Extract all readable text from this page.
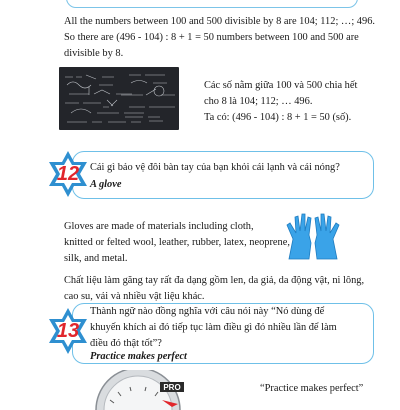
All the numbers between 100 and 500 divisible by 8 are 104; 112; …; 496.

So there are (496 - 104) : 8 + 1 = 50 numbers between 100 and 500 are

divisible by 8.

Các số nằm giữa 100 và 500 chia hết

cho 8 là 104; 112; … 496.

Ta có: (496 - 104) : 8 + 1 = 50 (số).

12	Cái gì bảo vệ đôi bàn tay của bạn khỏi cái lạnh và cái nóng?

A glove

Gloves are made of materials including cloth,

knitted or felted wool, leather, rubber, latex, neoprene,

silk, and metal.

Chất liệu làm găng tay rất đa dạng gồm len, da giả, da động vật, ni lông,

cao su, vải và nhiều vật liệu khác.

13

Thành ngữ nào đồng nghĩa với câu nói này “Nó dùng để

khuyến khích ai đó tiếp tục làm điều gì đó nhiều lần để làm

điều đó thật tốt”?

Practice makes perfect

PRO	“Practice makes perfect”
